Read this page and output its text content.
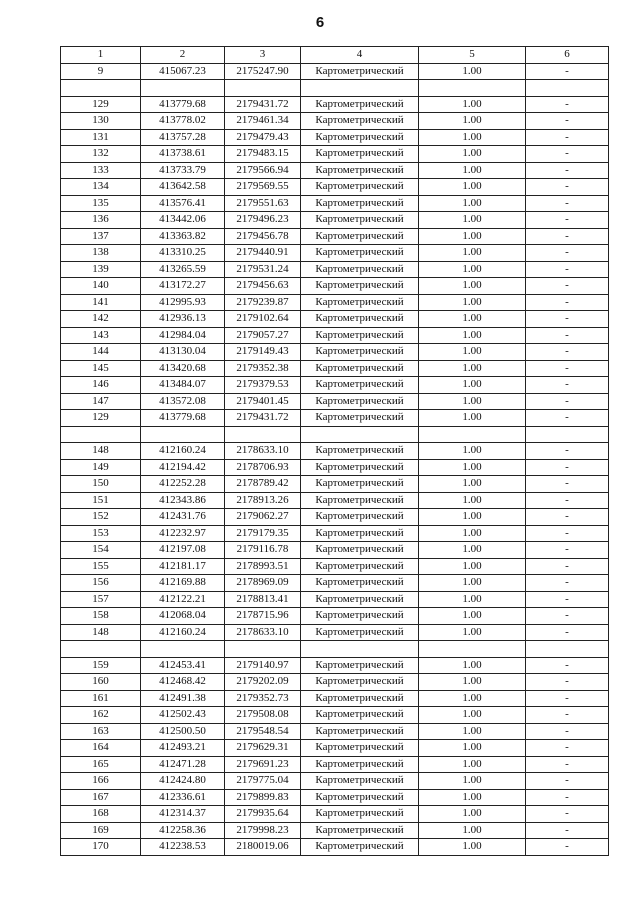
6
1	2	3	4	5	6
9	415067.23	2175247.90	Картометрический	1.00	-

129	413779.68	2179431.72	Картометрический	1.00	-
130	413778.02	2179461.34	Картометрический	1.00	-
131	413757.28	2179479.43	Картометрический	1.00	-
132	413738.61	2179483.15	Картометрический	1.00	-
133	413733.79	2179566.94	Картометрический	1.00	-
134	413642.58	2179569.55	Картометрический	1.00	-
135	413576.41	2179551.63	Картометрический	1.00	-
136	413442.06	2179496.23	Картометрический	1.00	-
137	413363.82	2179456.78	Картометрический	1.00	-
138	413310.25	2179440.91	Картометрический	1.00	-
139	413265.59	2179531.24	Картометрический	1.00	-
140	413172.27	2179456.63	Картометрический	1.00	-
141	412995.93	2179239.87	Картометрический	1.00	-
142	412936.13	2179102.64	Картометрический	1.00	-
143	412984.04	2179057.27	Картометрический	1.00	-
144	413130.04	2179149.43	Картометрический	1.00	-
145	413420.68	2179352.38	Картометрический	1.00	-
146	413484.07	2179379.53	Картометрический	1.00	-
147	413572.08	2179401.45	Картометрический	1.00	-
129	413779.68	2179431.72	Картометрический	1.00	-

148	412160.24	2178633.10	Картометрический	1.00	-
149	412194.42	2178706.93	Картометрический	1.00	-
150	412252.28	2178789.42	Картометрический	1.00	-
151	412343.86	2178913.26	Картометрический	1.00	-
152	412431.76	2179062.27	Картометрический	1.00	-
153	412232.97	2179179.35	Картометрический	1.00	-
154	412197.08	2179116.78	Картометрический	1.00	-
155	412181.17	2178993.51	Картометрический	1.00	-
156	412169.88	2178969.09	Картометрический	1.00	-
157	412122.21	2178813.41	Картометрический	1.00	-
158	412068.04	2178715.96	Картометрический	1.00	-
148	412160.24	2178633.10	Картометрический	1.00	-

159	412453.41	2179140.97	Картометрический	1.00	-
160	412468.42	2179202.09	Картометрический	1.00	-
161	412491.38	2179352.73	Картометрический	1.00	-
162	412502.43	2179508.08	Картометрический	1.00	-
163	412500.50	2179548.54	Картометрический	1.00	-
164	412493.21	2179629.31	Картометрический	1.00	-
165	412471.28	2179691.23	Картометрический	1.00	-
166	412424.80	2179775.04	Картометрический	1.00	-
167	412336.61	2179899.83	Картометрический	1.00	-
168	412314.37	2179935.64	Картометрический	1.00	-
169	412258.36	2179998.23	Картометрический	1.00	-
170	412238.53	2180019.06	Картометрический	1.00	-
